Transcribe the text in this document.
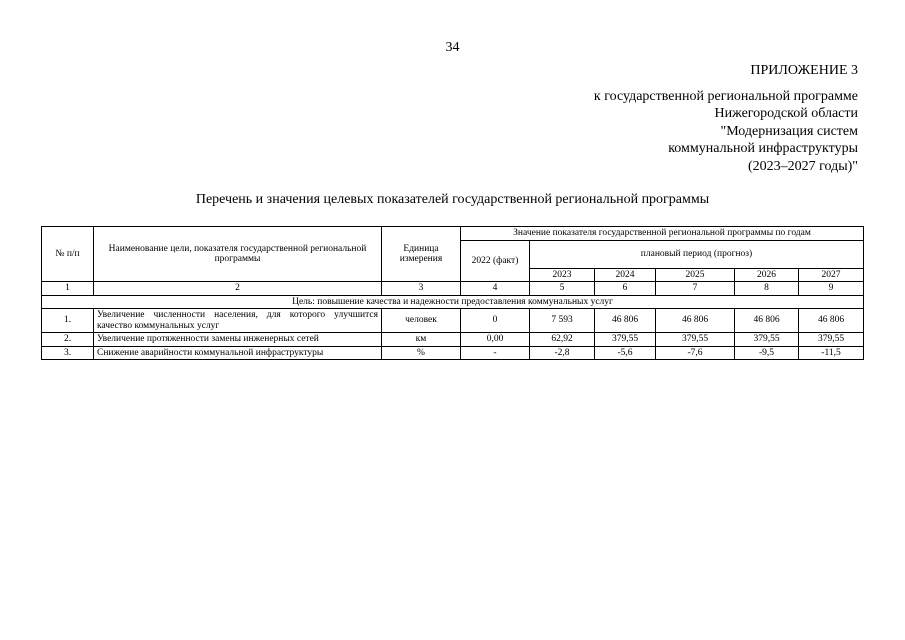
34
ПРИЛОЖЕНИЕ 3
к государственной региональной программе
Нижегородской области
"Модернизация систем
коммунальной инфраструктуры
(2023–2027 годы)"
Перечень и значения целевых показателей государственной региональной программы
№ п/п	Наименование цели, показателя государственной региональной программы	Единица измерения	Значение показателя государственной региональной программы по годам					
			2022 (факт)	плановый период (прогноз)				
				2023	2024	2025	2026	2027
1	2	3	4	5	6	7	8	9
Цель: повышение качества и надежности предоставления коммунальных услуг								
1.	Увеличение численности населения, для которого улучшится качество коммунальных услуг	человек	0	7 593	46 806	46 806	46 806	46 806
2.	Увеличение протяженности замены инженерных сетей	км	0,00	62,92	379,55	379,55	379,55	379,55
3.	Снижение аварийности коммунальной инфраструктуры	%	-	-2,8	-5,6	-7,6	-9,5	-11,5
